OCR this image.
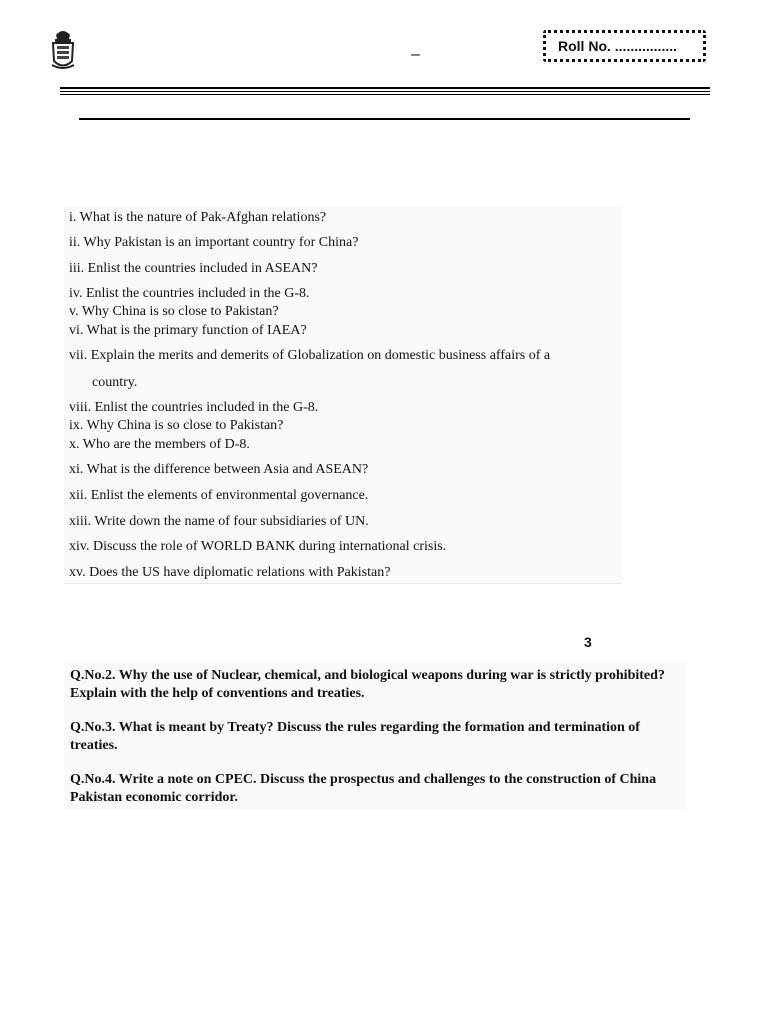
–	Roll No. ................
i. What is the nature of Pak-Afghan relations?
ii. Why Pakistan is an important country for China?
iii. Enlist the countries included in ASEAN?
iv. Enlist the countries included in the G-8.
v. Why China is so close to Pakistan?
vi. What is the primary function of IAEA?
vii. Explain the merits and demerits of Globalization on domestic business affairs of a
country.
viii. Enlist the countries included in the G-8.
ix. Why China is so close to Pakistan?
x. Who are the members of D-8.
xi. What is the difference between Asia and ASEAN?
xii. Enlist the elements of environmental governance.
xiii. Write down the name of four subsidiaries of UN.
xiv. Discuss the role of WORLD BANK during international crisis.
xv. Does the US have diplomatic relations with Pakistan?
3
Q.No.2. Why the use of Nuclear, chemical, and biological weapons during war is strictly prohibited? Explain with the help of conventions and treaties.
Q.No.3. What is meant by Treaty? Discuss the rules regarding the formation and termination of treaties.
Q.No.4. Write a note on CPEC. Discuss the prospectus and challenges to the construction of China Pakistan economic corridor.
